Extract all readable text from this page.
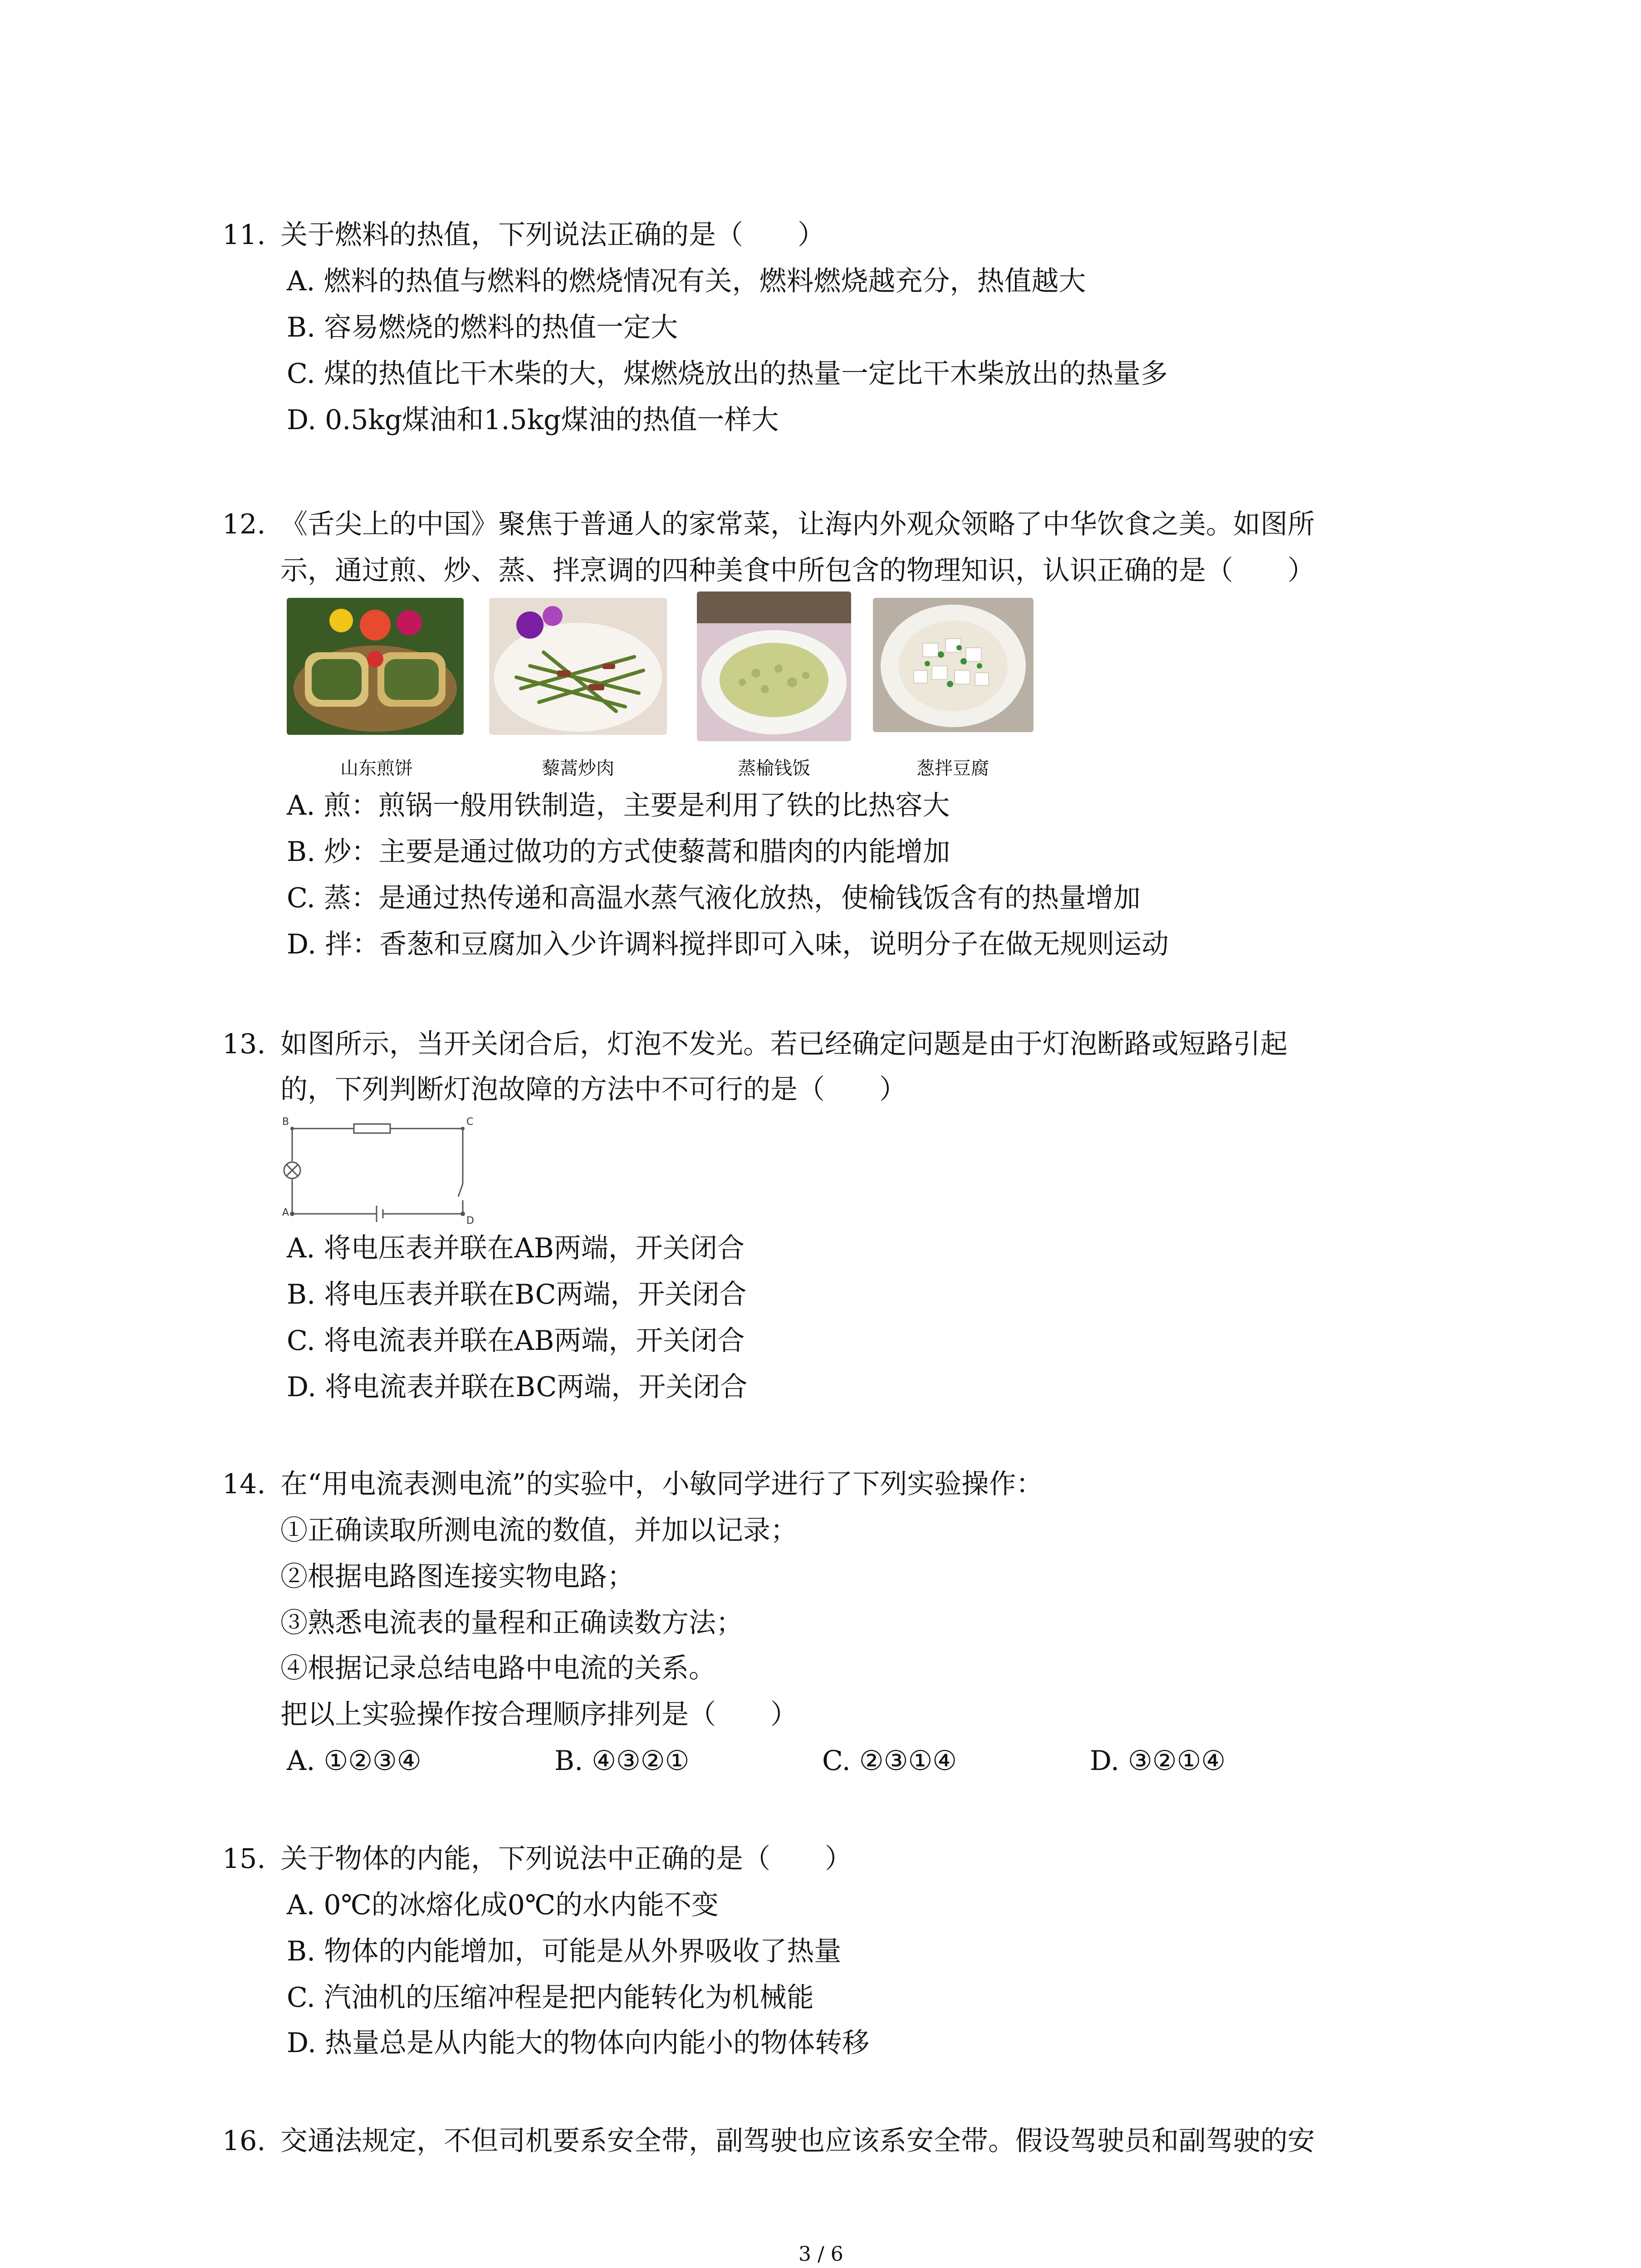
11. 关于燃料的热值，下列说法正确的是（　　）
A. 燃料的热值与燃料的燃烧情况有关，燃料燃烧越充分，热值越大
B. 容易燃烧的燃料的热值一定大
C. 煤的热值比干木柴的大，煤燃烧放出的热量一定比干木柴放出的热量多
D. 0.5kg煤油和1.5kg煤油的热值一样大
12. 《舌尖上的中国》聚焦于普通人的家常菜，让海内外观众领略了中华饮食之美。如图所
示，通过煎、炒、蒸、拌烹调的四种美食中所包含的物理知识，认识正确的是（　　）
山东煎饼	藜蒿炒肉	蒸榆钱饭	葱拌豆腐
A. 煎：煎锅一般用铁制造，主要是利用了铁的比热容大
B. 炒：主要是通过做功的方式使藜蒿和腊肉的内能增加
C. 蒸：是通过热传递和高温水蒸气液化放热，使榆钱饭含有的热量增加
D. 拌：香葱和豆腐加入少许调料搅拌即可入味，说明分子在做无规则运动
13. 如图所示，当开关闭合后，灯泡不发光。若已经确定问题是由于灯泡断路或短路引起
的，下列判断灯泡故障的方法中不可行的是（　　）
B	C
A
D
A. 将电压表并联在AB两端，开关闭合
B. 将电压表并联在BC两端，开关闭合
C. 将电流表并联在AB两端，开关闭合
D. 将电流表并联在BC两端，开关闭合
14. 在“用电流表测电流”的实验中，小敏同学进行了下列实验操作：
①正确读取所测电流的数值，并加以记录；
②根据电路图连接实物电路；
③熟悉电流表的量程和正确读数方法；
④根据记录总结电路中电流的关系。
把以上实验操作按合理顺序排列是（　　）
A. ①②③④	B. ④③②①	C. ②③①④	D. ③②①④
15. 关于物体的内能，下列说法中正确的是（　　）
A. 0℃的冰熔化成0℃的水内能不变
B. 物体的内能增加，可能是从外界吸收了热量
C. 汽油机的压缩冲程是把内能转化为机械能
D. 热量总是从内能大的物体向内能小的物体转移
16. 交通法规定，不但司机要系安全带，副驾驶也应该系安全带。假设驾驶员和副驾驶的安
3 / 6
